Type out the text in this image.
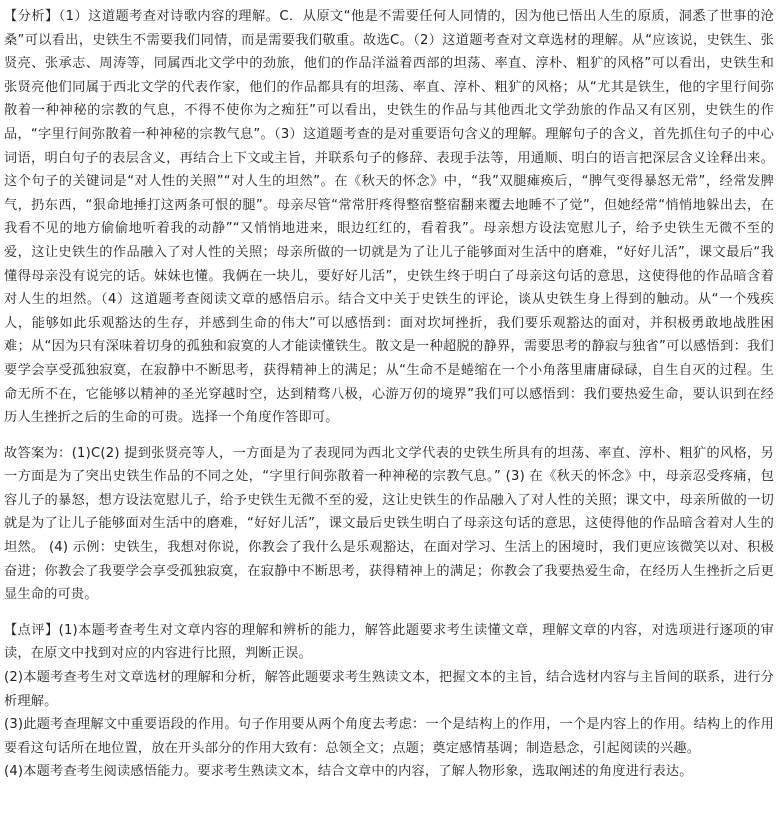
【分析】（1）这道题考查对诗歌内容的理解。C．从原文“他是不需要任何人同情的，因为他已悟出人生的原质，洞悉了世事的沧桑”可以看出，史铁生不需要我们同情，而是需要我们敬重。故选C。（2）这道题考查对文章选材的理解。从“应该说，史铁生、张贤亮、张承志、周涛等，同属西北文学中的劲旅，他们的作品洋溢着西部的坦荡、率直、淳朴、粗犷的风格”可以看出，史铁生和张贤亮他们同属于西北文学的代表作家，他们的作品都具有的坦荡、率直、淳朴、粗犷的风格；从“尤其是铁生，他的字里行间弥散着一种神秘的宗教的气息，不得不使你为之痴狂”可以看出，史铁生的作品与其他西北文学劲旅的作品又有区别，史铁生的作品，“字里行间弥散着一种神秘的宗教气息”。（3）这道题考查的是对重要语句含义的理解。理解句子的含义，首先抓住句子的中心词语，明白句子的表层含义，再结合上下文或主旨，并联系句子的修辞、表现手法等，用通顺、明白的语言把深层含义诠释出来。这个句子的关键词是“对人性的关照”“对人生的坦然”。在《秋天的怀念》中，“我”双腿瘫痪后，“脾气变得暴怒无常”，经常发脾气，扔东西，“狠命地捶打这两条可恨的腿”。母亲尽管“常常肝疼得整宿整宿翻来覆去地睡不了觉”，但她经常“悄悄地躲出去，在我看不见的地方偷偷地听着我的动静”“又悄悄地进来，眼边红红的，看着我”。母亲想方设法宽慰儿子，给予史铁生无微不至的爱，这让史铁生的作品融入了对人性的关照；母亲所做的一切就是为了让儿子能够面对生活中的磨难，“好好儿活”，课文最后“我懂得母亲没有说完的话。妹妹也懂。我俩在一块儿，要好好儿活”，史铁生终于明白了母亲这句话的意思，这使得他的作品暗含着对人生的坦然。（4）这道题考查阅读文章的感悟启示。结合文中关于史铁生的评论，谈从史铁生身上得到的触动。从“一个残疾人，能够如此乐观豁达的生存，并感到生命的伟大”可以感悟到：面对坎坷挫折，我们要乐观豁达的面对，并积极勇敢地战胜困难；从“因为只有深味着切身的孤独和寂寞的人才能读懂铁生。散文是一种超脱的静界，需要思考的静寂与独省”可以感悟到：我们要学会享受孤独寂寞，在寂静中不断思考，获得精神上的满足；从“生命不是蜷缩在一个小角落里庸庸碌碌，自生自灭的过程。生命无所不在，它能够以精神的圣光穿越时空，达到精骛八极，心游万仞的境界”我们可以感悟到：我们要热爱生命，要认识到在经历人生挫折之后的生命的可贵。选择一个角度作答即可。

故答案为：(1)C(2) 提到张贤亮等人，一方面是为了表现同为西北文学代表的史铁生所具有的坦荡、率直、淳朴、粗犷的风格，另一方面是为了突出史铁生作品的不同之处，“字里行间弥散着一种神秘的宗教气息。” (3) 在《秋天的怀念》中，母亲忍受疼痛，包容儿子的暴怒，想方设法宽慰儿子，给予史铁生无微不至的爱，这让史铁生的作品融入了对人性的关照；课文中，母亲所做的一切就是为了让儿子能够面对生活中的磨难，“好好儿活”，课文最后史铁生明白了母亲这句话的意思，这使得他的作品暗含着对人生的坦然。 (4) 示例：史铁生，我想对你说，你教会了我什么是乐观豁达，在面对学习、生活上的困境时，我们更应该微笑以对、积极奋进；你教会了我要学会享受孤独寂寞，在寂静中不断思考，获得精神上的满足；你教会了我要热爱生命，在经历人生挫折之后更显生命的可贵。

【点评】(1)本题考查考生对文章内容的理解和辨析的能力，解答此题要求考生读懂文章，理解文章的内容，对选项进行逐项的审读，在原文中找到对应的内容进行比照，判断正误。

(2)本题考查考生对文章选材的理解和分析，解答此题要求考生熟读文本，把握文本的主旨，结合选材内容与主旨间的联系，进行分析理解。

(3)此题考查理解文中重要语段的作用。句子作用要从两个角度去考虑：一个是结构上的作用，一个是内容上的作用。结构上的作用要看这句话所在地位置，放在开头部分的作用大致有：总领全文；点题；奠定感情基调；制造悬念，引起阅读的兴趣。

(4)本题考查考生阅读感悟能力。要求考生熟读文本，结合文章中的内容，了解人物形象，选取阐述的角度进行表达。
